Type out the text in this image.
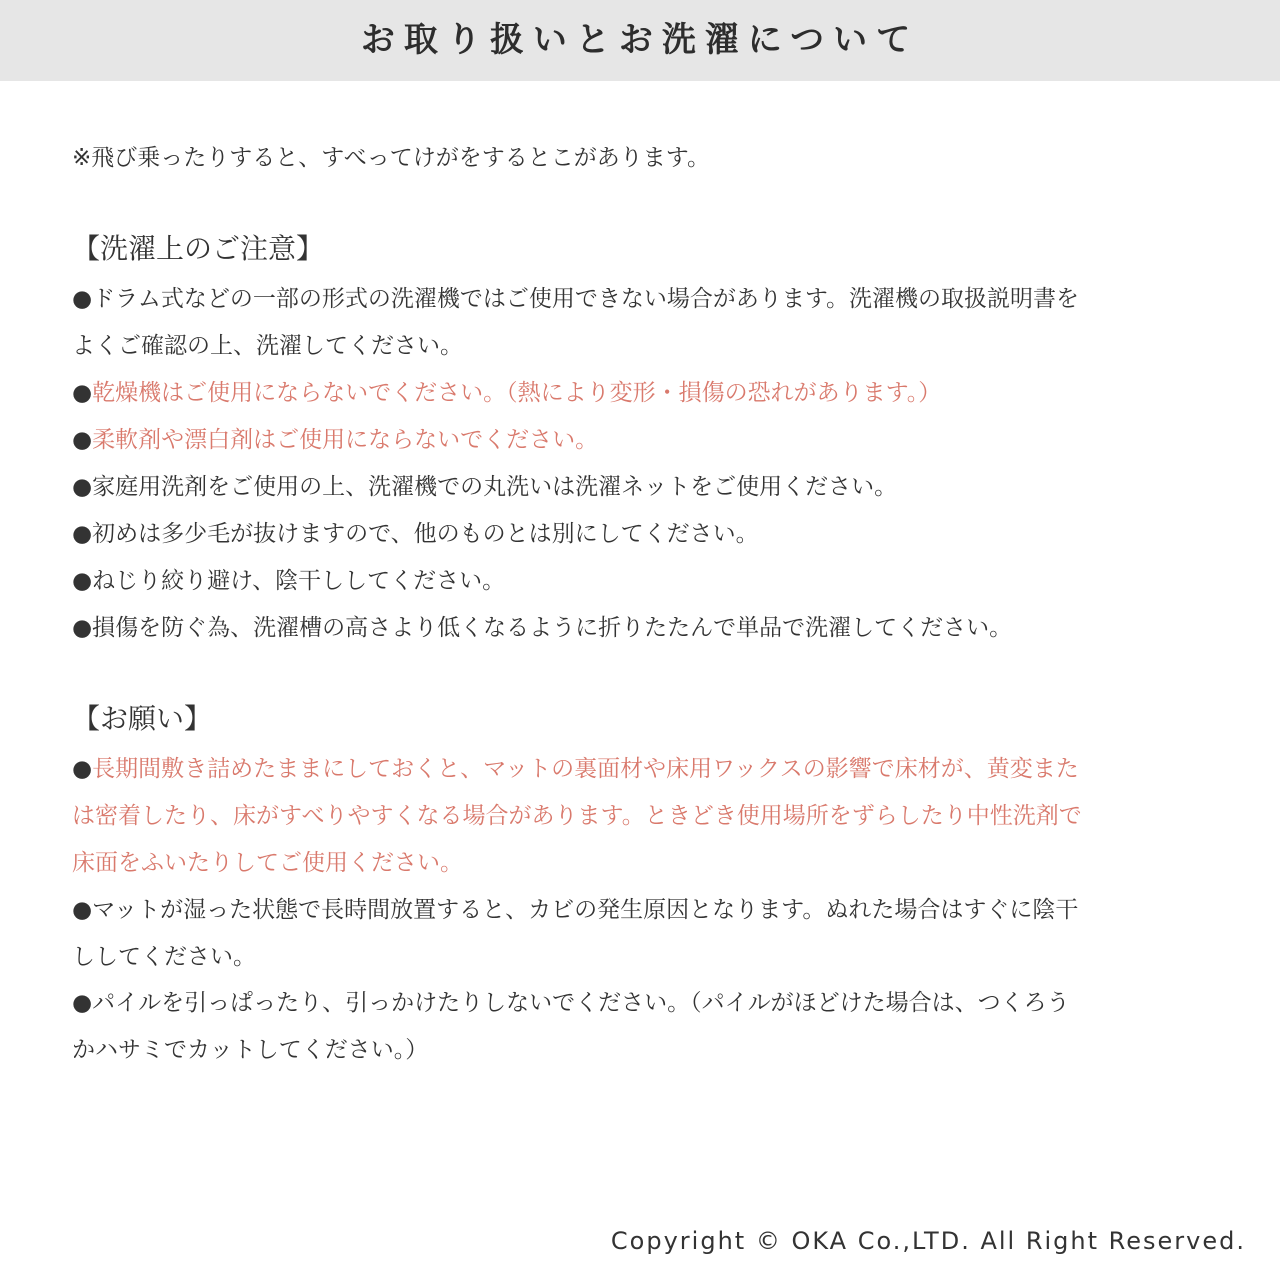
お取り扱いとお洗濯について
※飛び乗ったりすると、すべってけがをするとこがあります。
【洗濯上のご注意】
●ドラム式などの一部の形式の洗濯機ではご使用できない場合があります。洗濯機の取扱説明書を
よくご確認の上、洗濯してください。
●乾燥機はご使用にならないでください。（熱により変形・損傷の恐れがあります。）
●柔軟剤や漂白剤はご使用にならないでください。
●家庭用洗剤をご使用の上、洗濯機での丸洗いは洗濯ネットをご使用ください。
●初めは多少毛が抜けますので、他のものとは別にしてください。
●ねじり絞り避け、陰干ししてください。
●損傷を防ぐ為、洗濯槽の高さより低くなるように折りたたんで単品で洗濯してください。
【お願い】
●長期間敷き詰めたままにしておくと、マットの裏面材や床用ワックスの影響で床材が、黄変また
は密着したり、床がすべりやすくなる場合があります。ときどき使用場所をずらしたり中性洗剤で
床面をふいたりしてご使用ください。
●マットが湿った状態で長時間放置すると、カビの発生原因となります。ぬれた場合はすぐに陰干
ししてください。
●パイルを引っぱったり、引っかけたりしないでください。（パイルがほどけた場合は、つくろう
かハサミでカットしてください。）
Copyright © OKA Co.,LTD. All Right Reserved.
